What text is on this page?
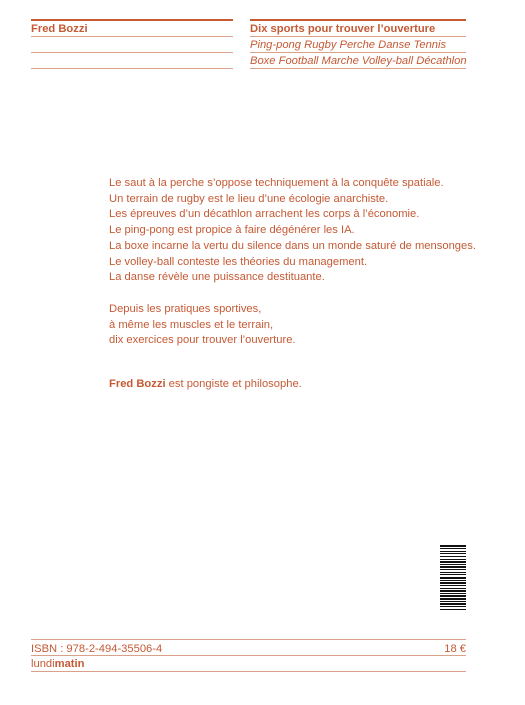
Fred Bozzi	Dix sports pour trouver l’ouverture
Ping-pong Rugby Perche Danse Tennis
Boxe Football Marche Volley-ball Décathlon
Le saut à la perche s’oppose techniquement à la conquête spatiale.
Un terrain de rugby est le lieu d’une écologie anarchiste.
Les épreuves d’un décathlon arrachent les corps à l’économie.
Le ping-pong est propice à faire dégénérer les IA.
La boxe incarne la vertu du silence dans un monde saturé de mensonges.
Le volley-ball conteste les théories du management.
La danse révèle une puissance destituante.
Depuis les pratiques sportives,
à même les muscles et le terrain,
dix exercices pour trouver l’ouverture.
Fred Bozzi est pongiste et philosophe.
ISBN : 978-2-494-35506-4	18 €
lundimatin
